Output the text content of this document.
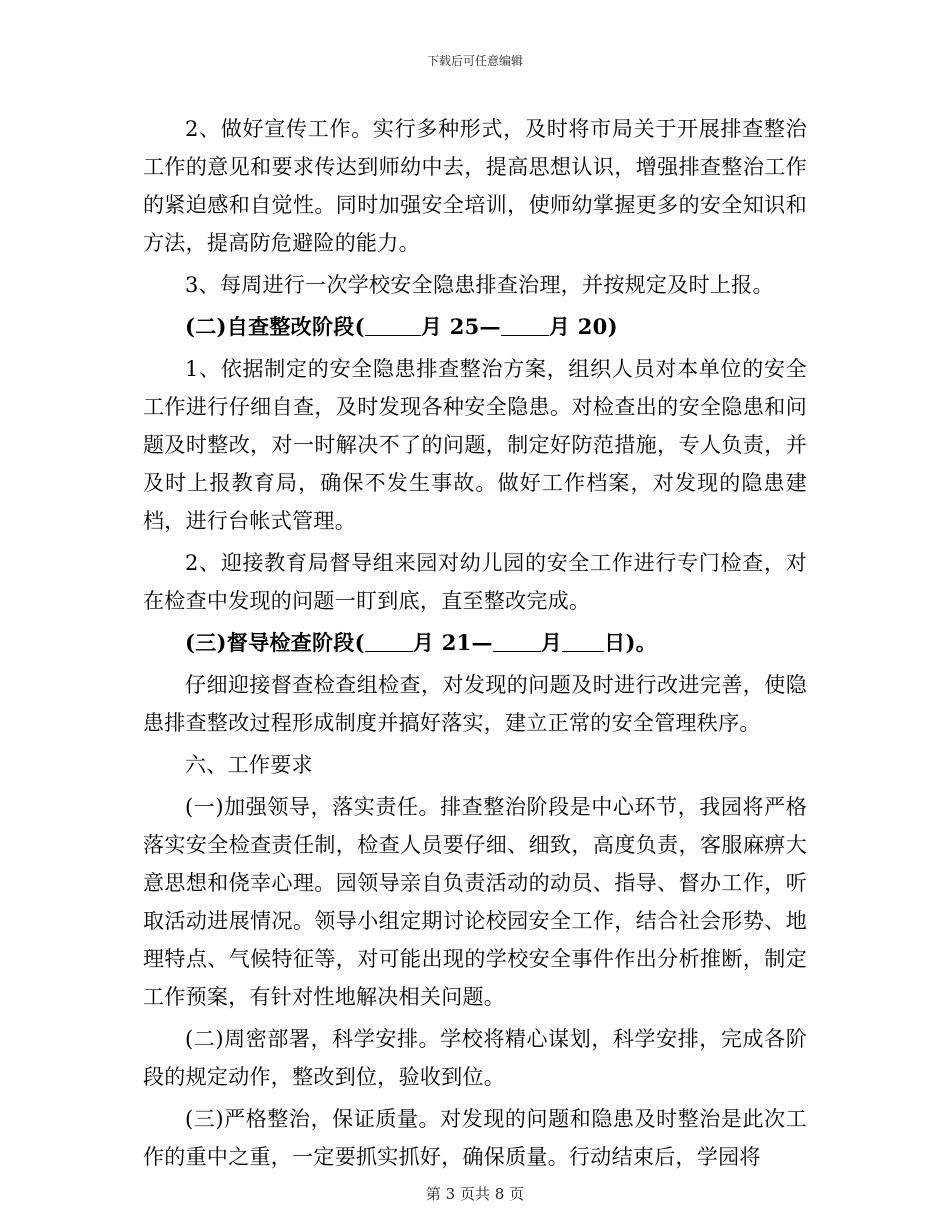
下载后可任意编辑

2、做好宣传工作。实行多种形式，及时将市局关于开展排查整治工作的意见和要求传达到师幼中去，提高思想认识，增强排查整治工作的紧迫感和自觉性。同时加强安全培训，使师幼掌握更多的安全知识和方法，提高防危避险的能力。

3、每周进行一次学校安全隐患排查治理，并按规定及时上报。

(二)自查整改阶段(	月 25— 月 20)

1、依据制定的安全隐患排查整治方案，组织人员对本单位的安全工作进行仔细自查，及时发现各种安全隐患。对检查出的安全隐患和问题及时整改，对一时解决不了的问题，制定好防范措施，专人负责，并及时上报教育局，确保不发生事故。做好工作档案，对发现的隐患建档，进行台帐式管理。

2、迎接教育局督导组来园对幼儿园的安全工作进行专门检查，对在检查中发现的问题一盯到底，直至整改完成。

(三)督导检查阶段( 月 21— 月 日)。

仔细迎接督查检查组检查，对发现的问题及时进行改进完善，使隐患排查整改过程形成制度并搞好落实，建立正常的安全管理秩序。

六、工作要求

(一)加强领导，落实责任。排查整治阶段是中心环节，我园将严格落实安全检查责任制，检查人员要仔细、细致，高度负责，客服麻痹大意思想和侥幸心理。园领导亲自负责活动的动员、指导、督办工作，听取活动进展情况。领导小组定期讨论校园安全工作，结合社会形势、地理特点、气候特征等，对可能出现的学校安全事件作出分析推断，制定工作预案，有针对性地解决相关问题。

(二)周密部署，科学安排。学校将精心谋划，科学安排，完成各阶段的规定动作，整改到位，验收到位。

(三)严格整治，保证质量。对发现的问题和隐患及时整治是此次工作的重中之重，一定要抓实抓好，确保质量。行动结束后，学园将

第 3 页共 8 页
